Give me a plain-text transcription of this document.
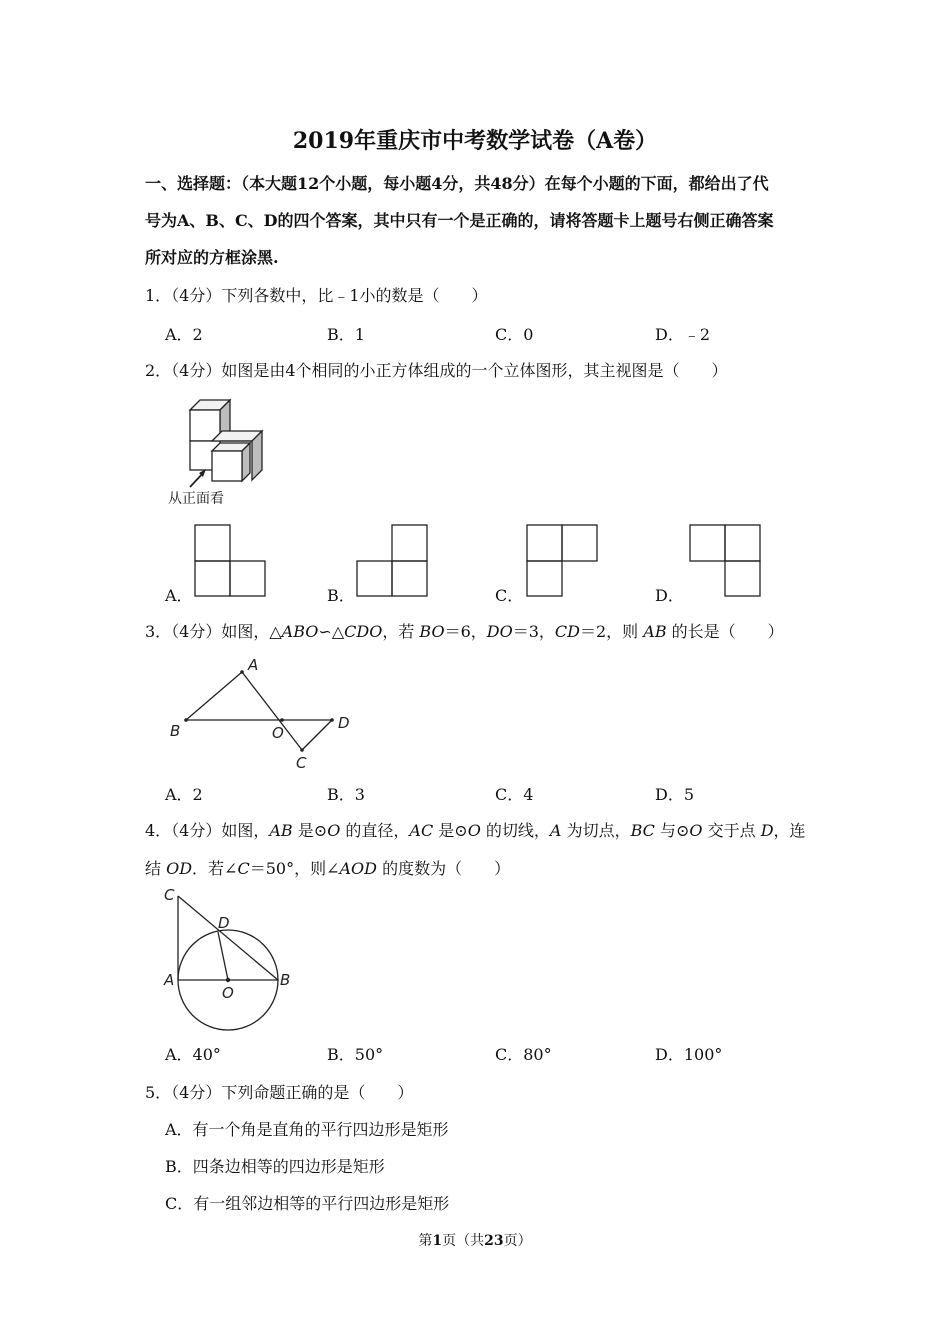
2019年重庆市中考数学试卷（A卷）
一、选择题：（本大题12个小题，每小题4分，共48分）在每个小题的下面，都给出了代
号为A、B、C、D的四个答案，其中只有一个是正确的，请将答题卡上题号右侧正确答案
所对应的方框涂黑.
1．（4分）下列各数中，比﹣1小的数是（　　）
A．2	B．1	C．0	D．﹣2
2．（4分）如图是由4个相同的小正方体组成的一个立体图形，其主视图是（　　）
从正面看
A．	B．	C．	D．
3．（4分）如图，△ABO∽△CDO，若 BO＝6，DO＝3，CD＝2，则 AB 的长是（　　）
A
B	O
D
C
A．2	B．3	C．4	D．5
4．（4分）如图，AB 是⊙O 的直径，AC 是⊙O 的切线，A 为切点，BC 与⊙O 交于点 D，连
结 OD．若∠C＝50°，则∠AOD 的度数为（　　）
C
D
A
O
B
A．40°	B．50°	C．80°	D．100°
5．（4分）下列命题正确的是（　　）
A．有一个角是直角的平行四边形是矩形
B．四条边相等的四边形是矩形
C．有一组邻边相等的平行四边形是矩形
第1页（共23页）
